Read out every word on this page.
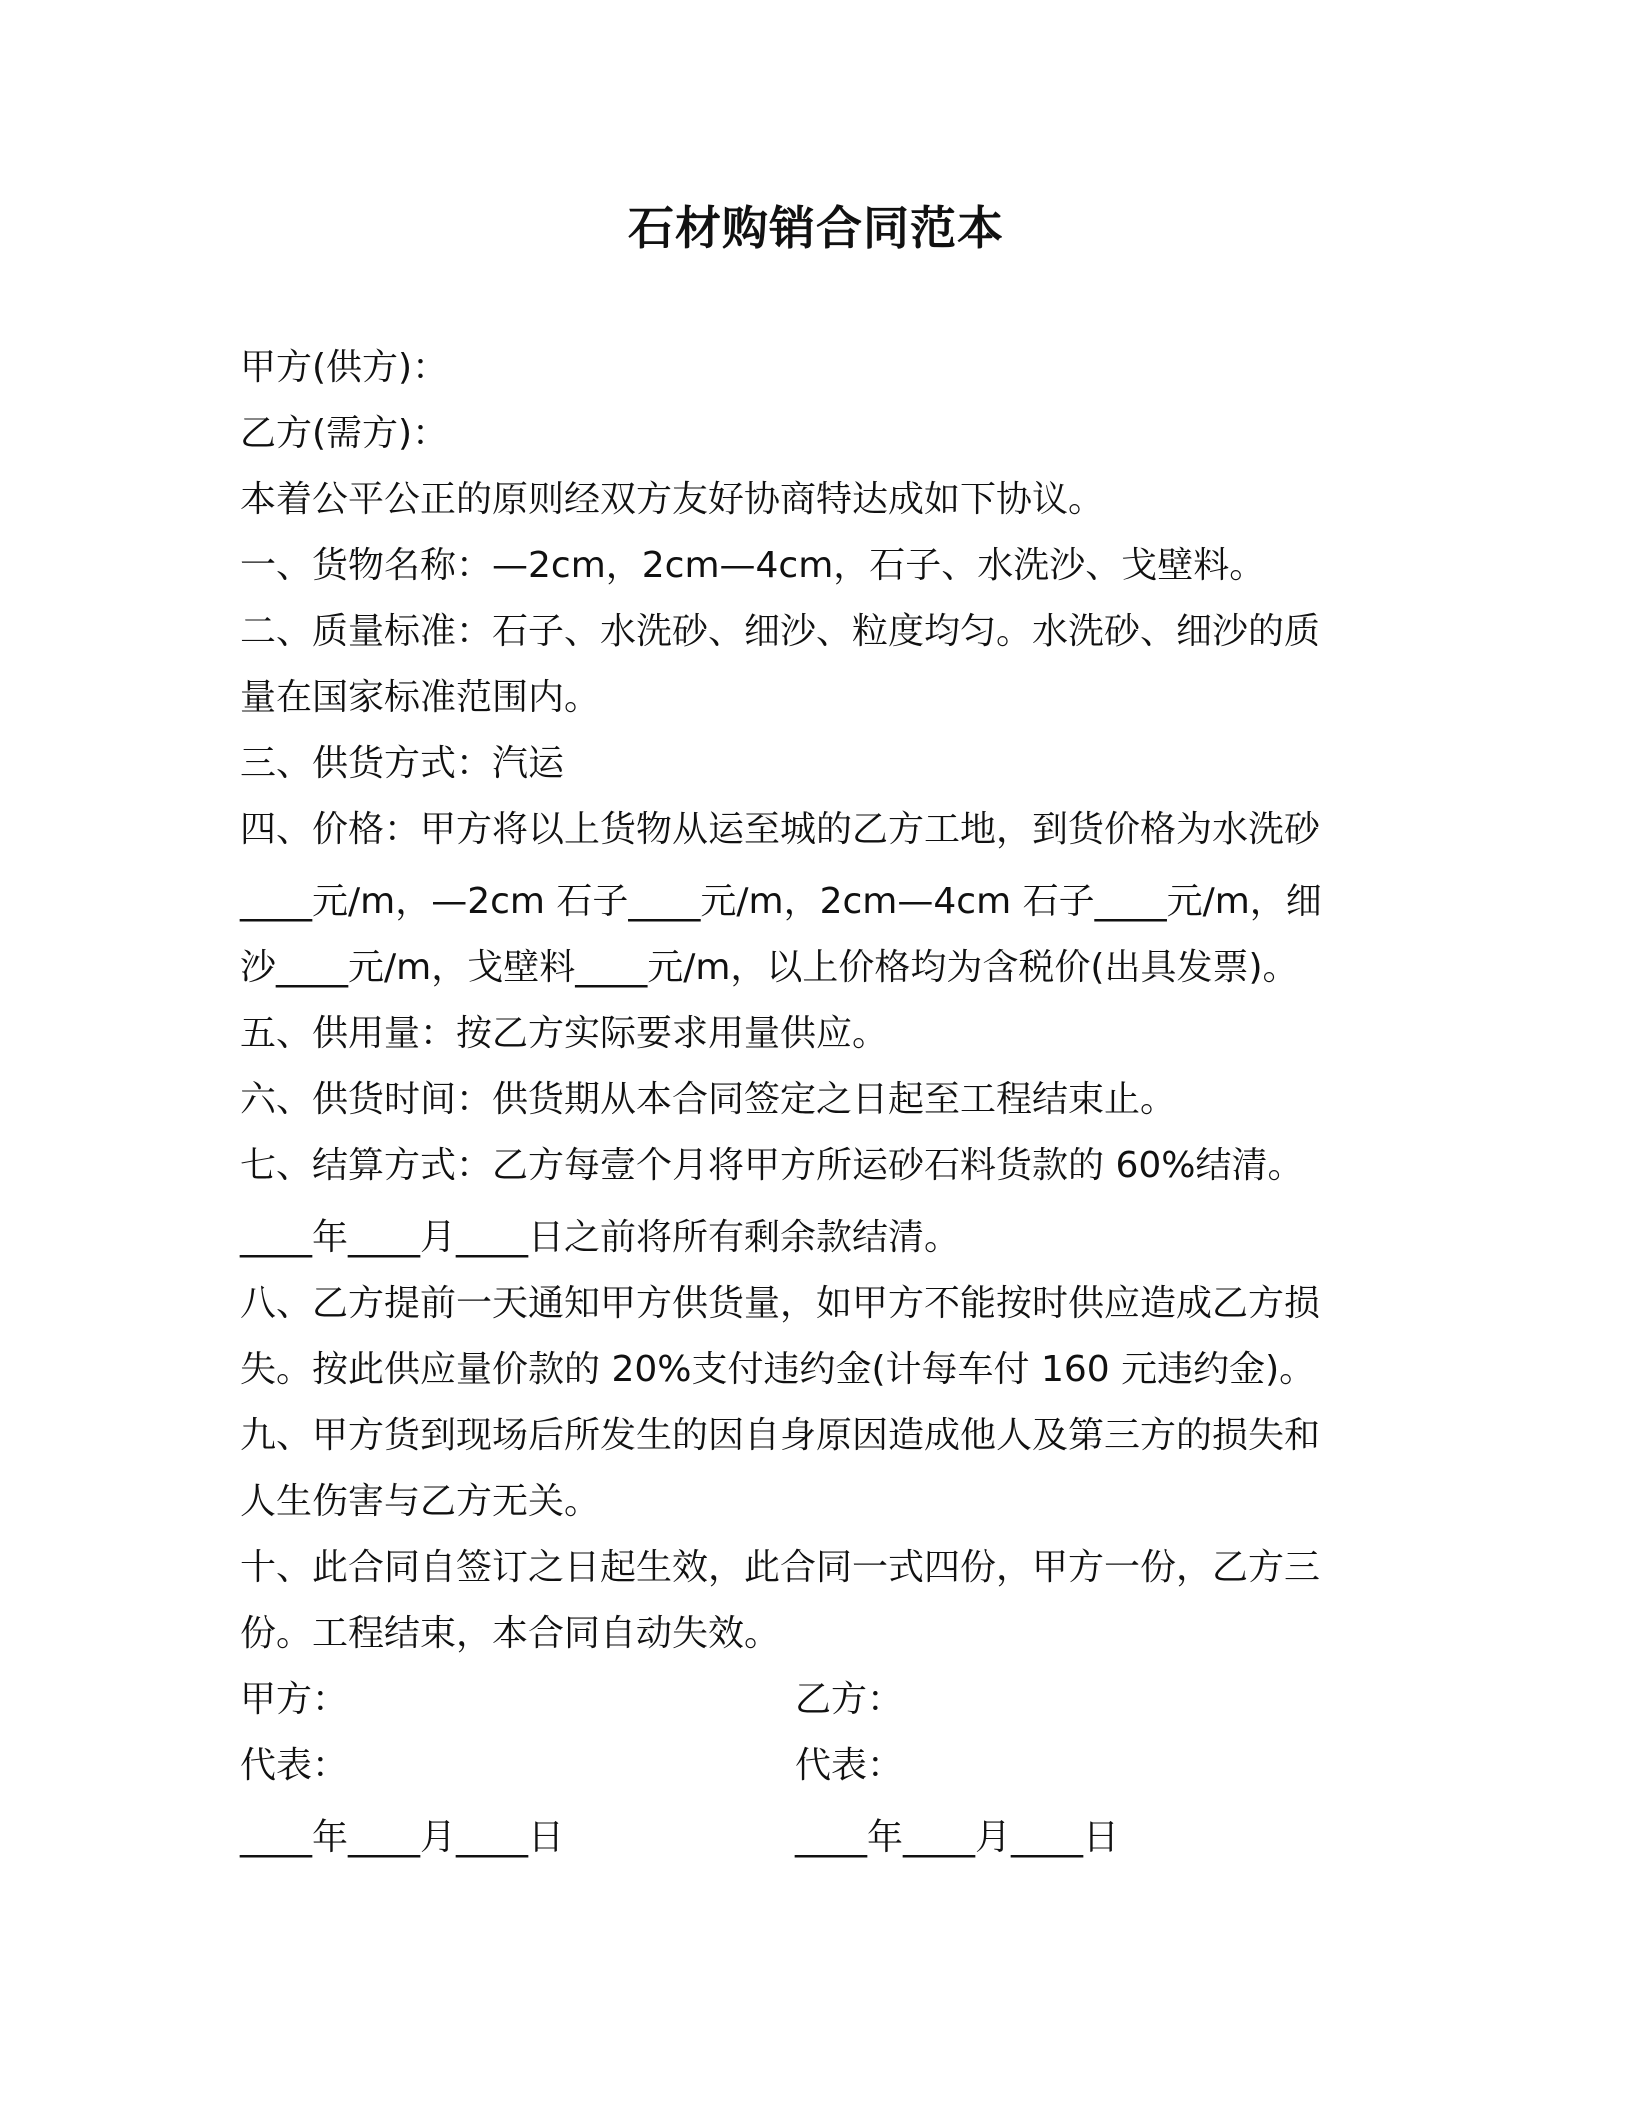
石材购销合同范本
甲方(供方)：
乙方(需方)：
本着公平公正的原则经双方友好协商特达成如下协议。
一、货物名称：—2cm，2cm—4cm，石子、水洗沙、戈壁料。
二、质量标准：石子、水洗砂、细沙、粒度均匀。水洗砂、细沙的质
量在国家标准范围内。
三、供货方式：汽运
四、价格：甲方将以上货物从运至城的乙方工地，到货价格为水洗砂
____元/m，—2cm 石子____元/m，2cm—4cm 石子____元/m，细
沙____元/m，戈壁料____元/m，以上价格均为含税价(出具发票)。
五、供用量：按乙方实际要求用量供应。
六、供货时间：供货期从本合同签定之日起至工程结束止。
七、结算方式：乙方每壹个月将甲方所运砂石料货款的 60%结清。
____年____月____日之前将所有剩余款结清。
八、乙方提前一天通知甲方供货量，如甲方不能按时供应造成乙方损
失。按此供应量价款的 20%支付违约金(计每车付 160 元违约金)。
九、甲方货到现场后所发生的因自身原因造成他人及第三方的损失和
人生伤害与乙方无关。
十、此合同自签订之日起生效，此合同一式四份，甲方一份，乙方三
份。工程结束，本合同自动失效。
甲方：	乙方：
代表：	代表：
____年____月____日	____年____月____日
